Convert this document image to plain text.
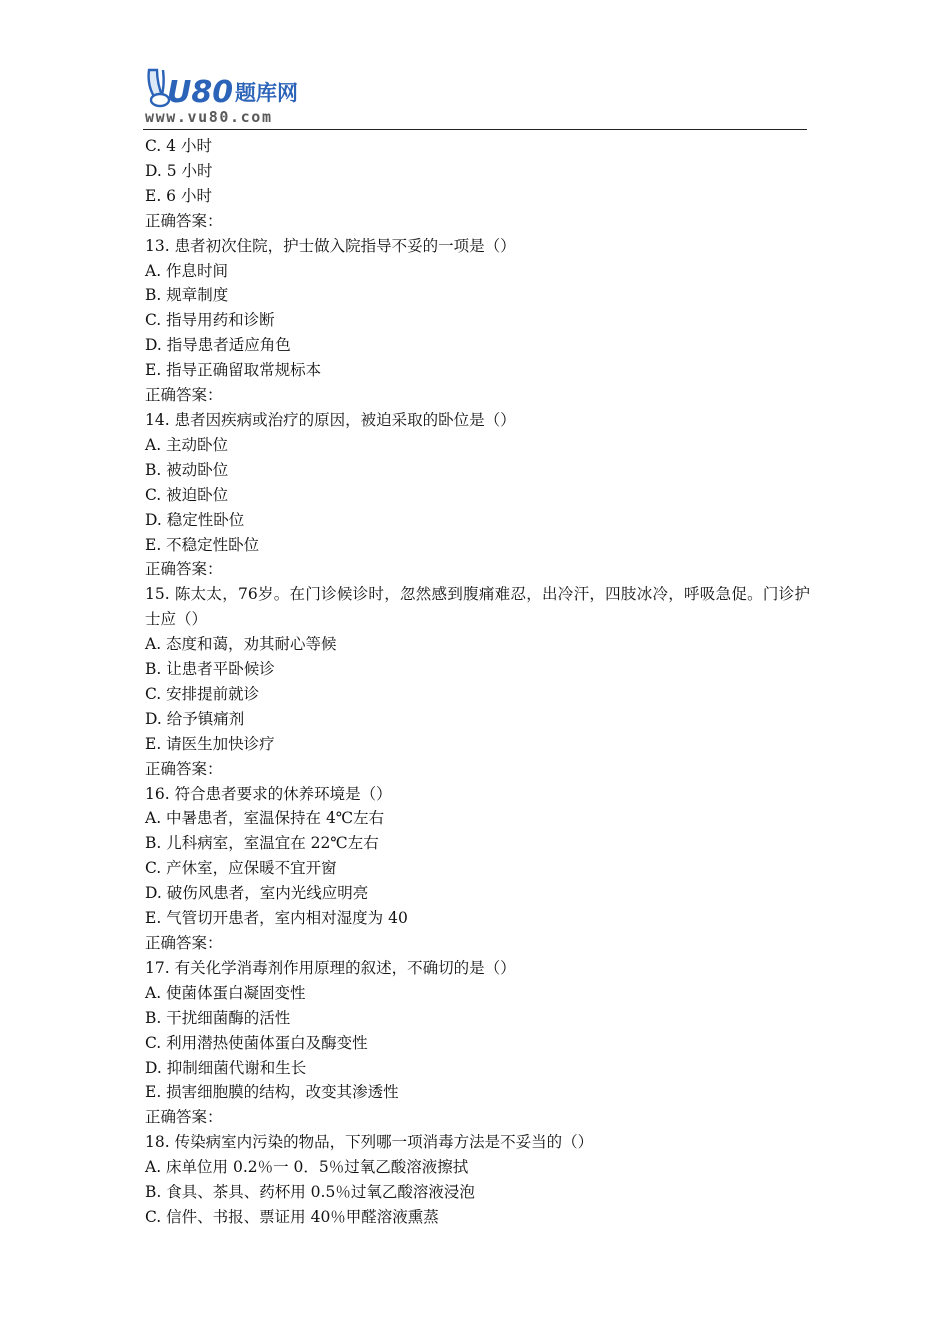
U80 题库网
www.vu80.com
C. 4 小时
D. 5 小时
E. 6 小时
正确答案：
13. 患者初次住院，护士做入院指导不妥的一项是（）
A. 作息时间
B. 规章制度
C. 指导用药和诊断
D. 指导患者适应角色
E. 指导正确留取常规标本
正确答案：
14. 患者因疾病或治疗的原因，被迫采取的卧位是（）
A. 主动卧位
B. 被动卧位
C. 被迫卧位
D. 稳定性卧位
E. 不稳定性卧位
正确答案：
15. 陈太太，76岁。在门诊候诊时，忽然感到腹痛难忍，出冷汗，四肢冰冷，呼吸急促。门诊护士应（）
A. 态度和蔼，劝其耐心等候
B. 让患者平卧候诊
C. 安排提前就诊
D. 给予镇痛剂
E. 请医生加快诊疗
正确答案：
16. 符合患者要求的休养环境是（）
A. 中暑患者，室温保持在 4℃左右
B. 儿科病室，室温宜在 22℃左右
C. 产休室，应保暖不宜开窗
D. 破伤风患者，室内光线应明亮
E. 气管切开患者，室内相对湿度为 40
正确答案：
17. 有关化学消毒剂作用原理的叙述，不确切的是（）
A. 使菌体蛋白凝固变性
B. 干扰细菌酶的活性
C. 利用潜热使菌体蛋白及酶变性
D. 抑制细菌代谢和生长
E. 损害细胞膜的结构，改变其渗透性
正确答案：
18. 传染病室内污染的物品，下列哪一项消毒方法是不妥当的（）
A. 床单位用 0.2％一 0．5％过氧乙酸溶液擦拭
B. 食具、茶具、药杯用 0.5％过氧乙酸溶液浸泡
C. 信件、书报、票证用 40％甲醛溶液熏蒸
